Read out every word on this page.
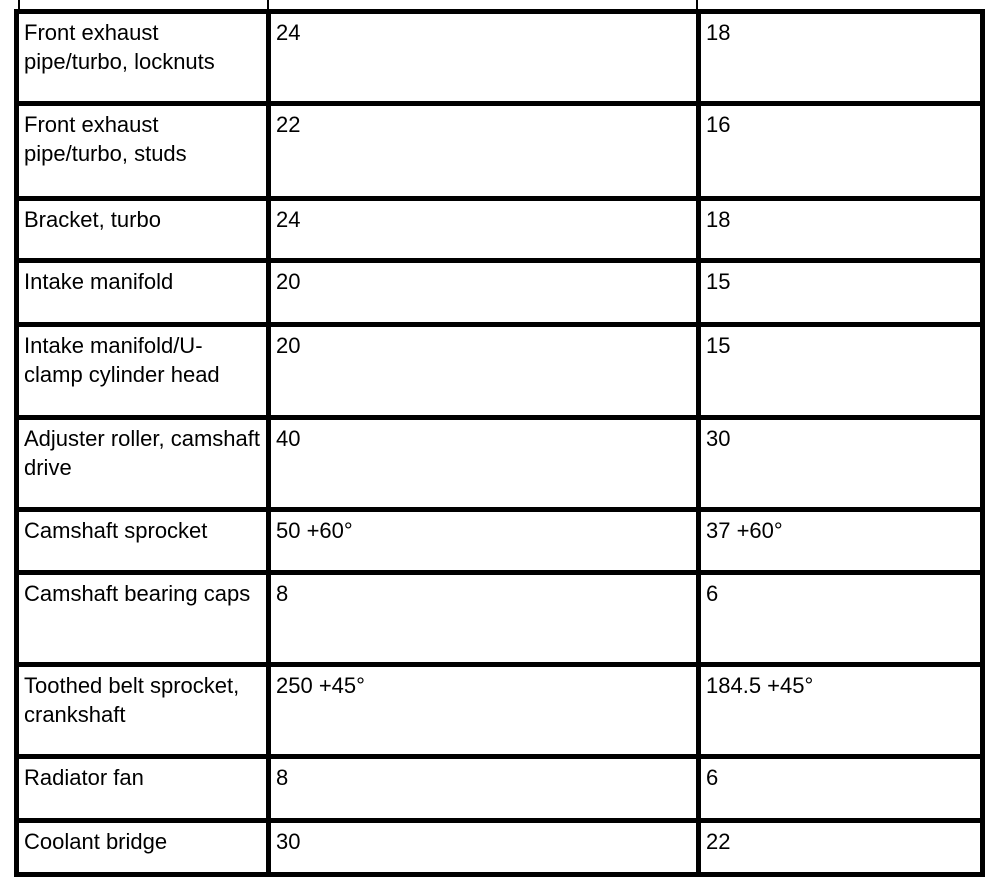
Front exhaust pipe/turbo, locknuts	24	18
Front exhaust pipe/turbo, studs	22	16
Bracket, turbo	24	18
Intake manifold	20	15
Intake manifold/U-clamp cylinder head	20	15
Adjuster roller, camshaft drive	40	30
Camshaft sprocket	50 +60°	37 +60°
Camshaft bearing caps	8	6
Toothed belt sprocket, crankshaft	250 +45°	184.5 +45°
Radiator fan	8	6
Coolant bridge	30	22
